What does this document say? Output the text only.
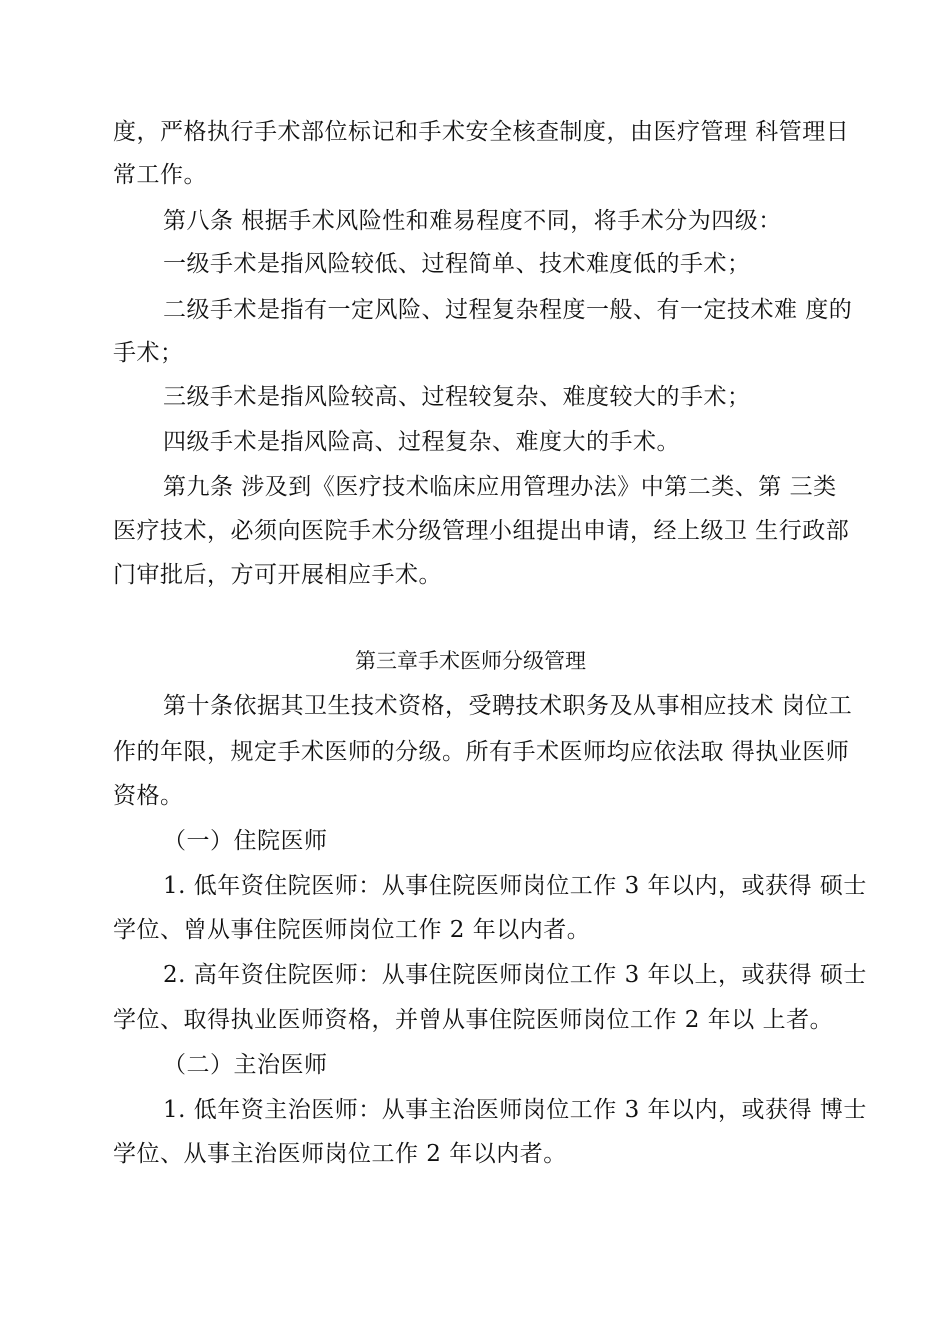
度，严格执行手术部位标记和手术安全核查制度，由医疗管理 科管理日
常工作。
第八条 根据手术风险性和难易程度不同，将手术分为四级：
一级手术是指风险较低、过程简单、技术难度低的手术；
二级手术是指有一定风险、过程复杂程度一般、有一定技术难 度的
手术；
三级手术是指风险较高、过程较复杂、难度较大的手术；
四级手术是指风险高、过程复杂、难度大的手术。
第九条 涉及到《医疗技术临床应用管理办法》中第二类、第 三类
医疗技术，必须向医院手术分级管理小组提出申请，经上级卫 生行政部
门审批后，方可开展相应手术。
第三章手术医师分级管理
第十条依据其卫生技术资格，受聘技术职务及从事相应技术 岗位工
作的年限，规定手术医师的分级。所有手术医师均应依法取 得执业医师
资格。
（一）住院医师
1. 低年资住院医师：从事住院医师岗位工作 3 年以内，或获得 硕士
学位、曾从事住院医师岗位工作 2 年以内者。
2. 高年资住院医师：从事住院医师岗位工作 3 年以上，或获得 硕士
学位、取得执业医师资格，并曾从事住院医师岗位工作 2 年以 上者。
（二）主治医师
1. 低年资主治医师：从事主治医师岗位工作 3 年以内，或获得 博士
学位、从事主治医师岗位工作 2 年以内者。
